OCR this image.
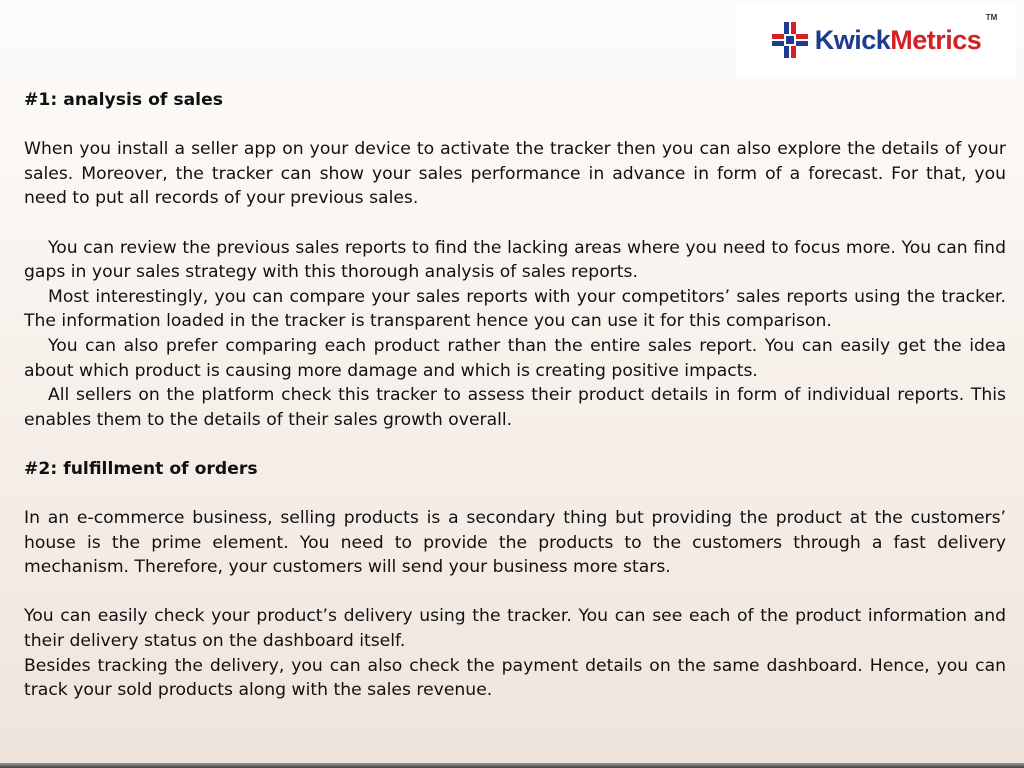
KwickMetrics
TM

#1: analysis of sales

When you install a seller app on your device to activate the tracker then you can also explore the details of your sales. Moreover, the tracker can show your sales performance in advance in form of a forecast. For that, you need to put all records of your previous sales.

You can review the previous sales reports to find the lacking areas where you need to focus more. You can find gaps in your sales strategy with this thorough analysis of sales reports.

Most interestingly, you can compare your sales reports with your competitors’ sales reports using the tracker. The information loaded in the tracker is transparent hence you can use it for this comparison.

You can also prefer comparing each product rather than the entire sales report. You can easily get the idea about which product is causing more damage and which is creating positive impacts.

All sellers on the platform check this tracker to assess their product details in form of individual reports. This enables them to the details of their sales growth overall.

#2: fulfillment of orders

In an e-commerce business, selling products is a secondary thing but providing the product at the customers’ house is the prime element. You need to provide the products to the customers through a fast delivery mechanism. Therefore, your customers will send your business more stars.

You can easily check your product’s delivery using the tracker. You can see each of the product information and their delivery status on the dashboard itself.

Besides tracking the delivery, you can also check the payment details on the same dashboard. Hence, you can track your sold products along with the sales revenue.
